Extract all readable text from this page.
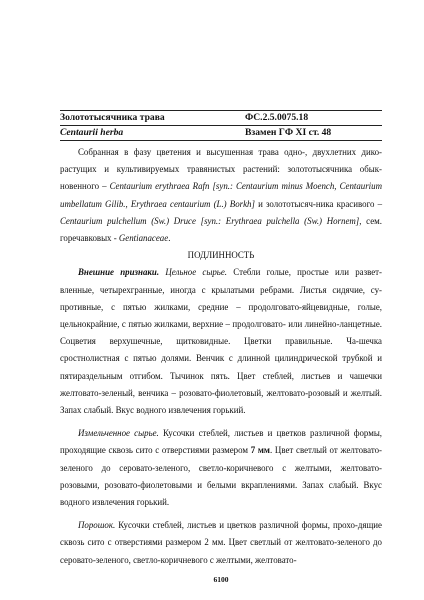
Золототысячника трава	ФС.2.5.0075.18
Centaurii herba	Взамен ГФ XI ст. 48

Собранная в фазу цветения и высушенная трава одно-, двухлетних дико-растущих и культивируемых травянистых растений: золототысячника обык-новенного – Centaurium erythraea Rafn [syn.: Centaurium minus Moench, Centaurium umbellatum Gilib., Erythraea centaurium (L.) Borkh] и золототысяч-ника красивого – Centaurium pulchellum (Sw.) Druce [syn.: Erythraea pulchella (Sw.) Hornem], сем. горечавковых - Gentianaceae.

ПОДЛИННОСТЬ

Внешние признаки. Цельное сырье. Стебли голые, простые или развет-вленные, четырехгранные, иногда с крылатыми ребрами. Листья сидячие, су-противные, с пятью жилками, средние – продолговато-яйцевидные, голые, цельнокрайние, с пятью жилками, верхние – продолговато- или линейно-ланцетные. Соцветия верхушечные, щитковидные. Цветки правильные. Ча-шечка сростнолистная с пятью долями. Венчик с длинной цилиндрической трубкой и пятираздельным отгибом. Тычинок пять. Цвет стеблей, листьев и чашечки желтовато-зеленый, венчика – розовато-фиолетовый, желтовато-розовый и желтый. Запах слабый. Вкус водного извлечения горький.

Измельченное сырье. Кусочки стеблей, листьев и цветков различной формы, проходящие сквозь сито с отверстиями размером 7 мм. Цвет светлый от желтовато-зеленого до серовато-зеленого, светло-коричневого с желтыми, желтовато-розовыми, розовато-фиолетовыми и белыми вкраплениями. Запах слабый. Вкус водного извлечения горький.

Порошок. Кусочки стеблей, листьев и цветков различной формы, прохо-дящие сквозь сито с отверстиями размером 2 мм. Цвет светлый от желтовато-зеленого до серовато-зеленого, светло-коричневого с желтыми, желтовато-

6100
